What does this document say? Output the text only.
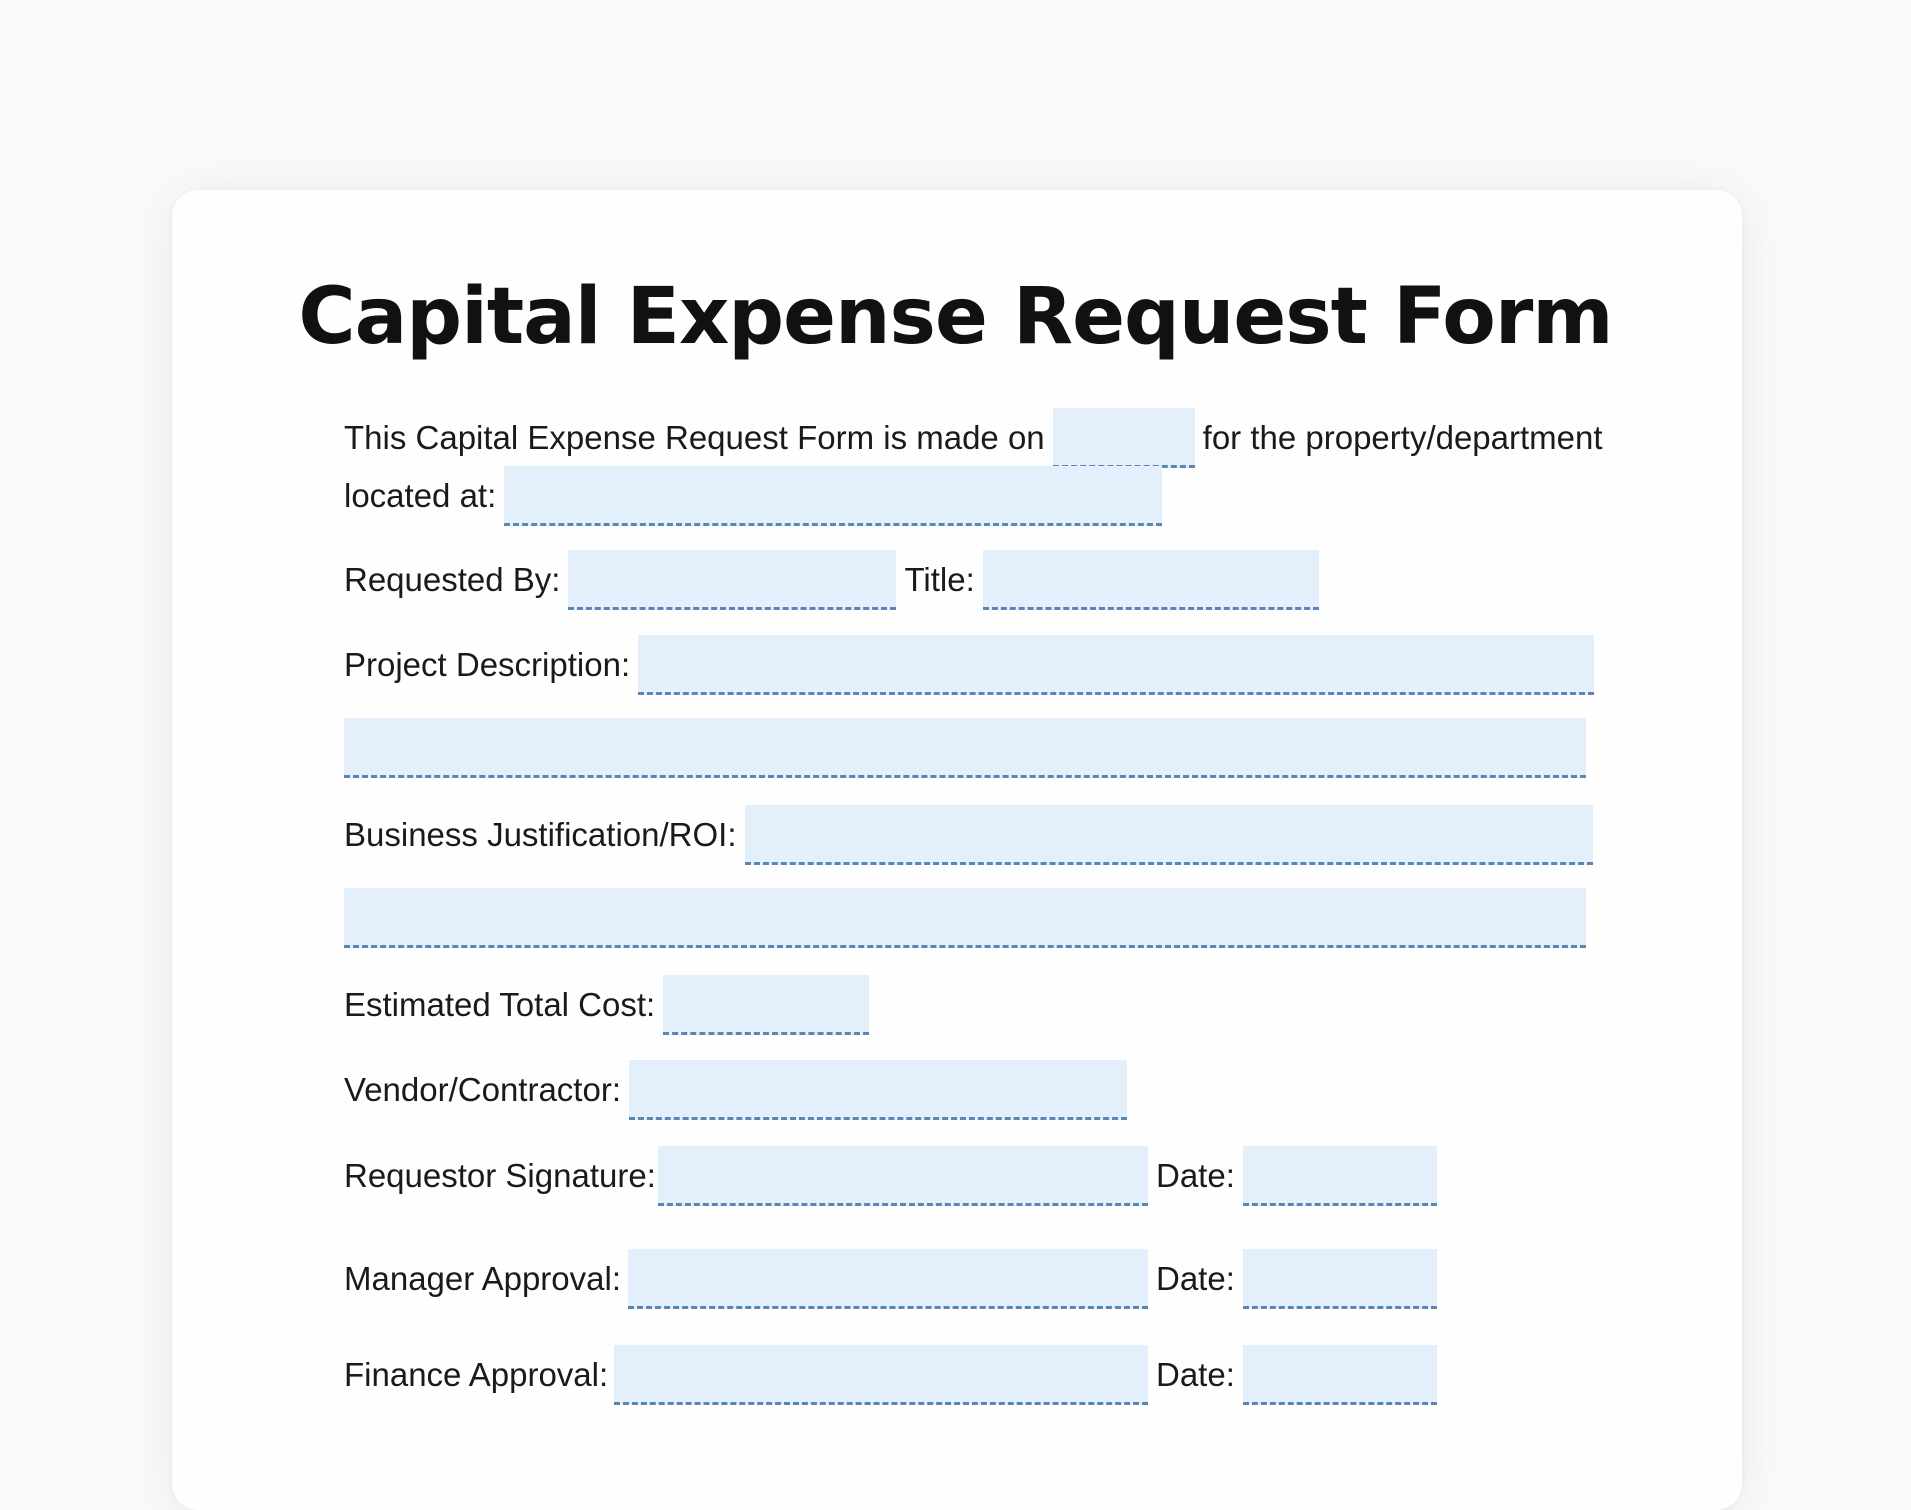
Capital Expense Request Form
This Capital Expense Request Form is made on	for the property/department
located at:
Requested By:	Title:
Project Description:
Business Justification/ROI:
Estimated Total Cost:
Vendor/Contractor:
Requestor Signature:	Date:
Manager Approval:	Date:
Finance Approval:	Date:
